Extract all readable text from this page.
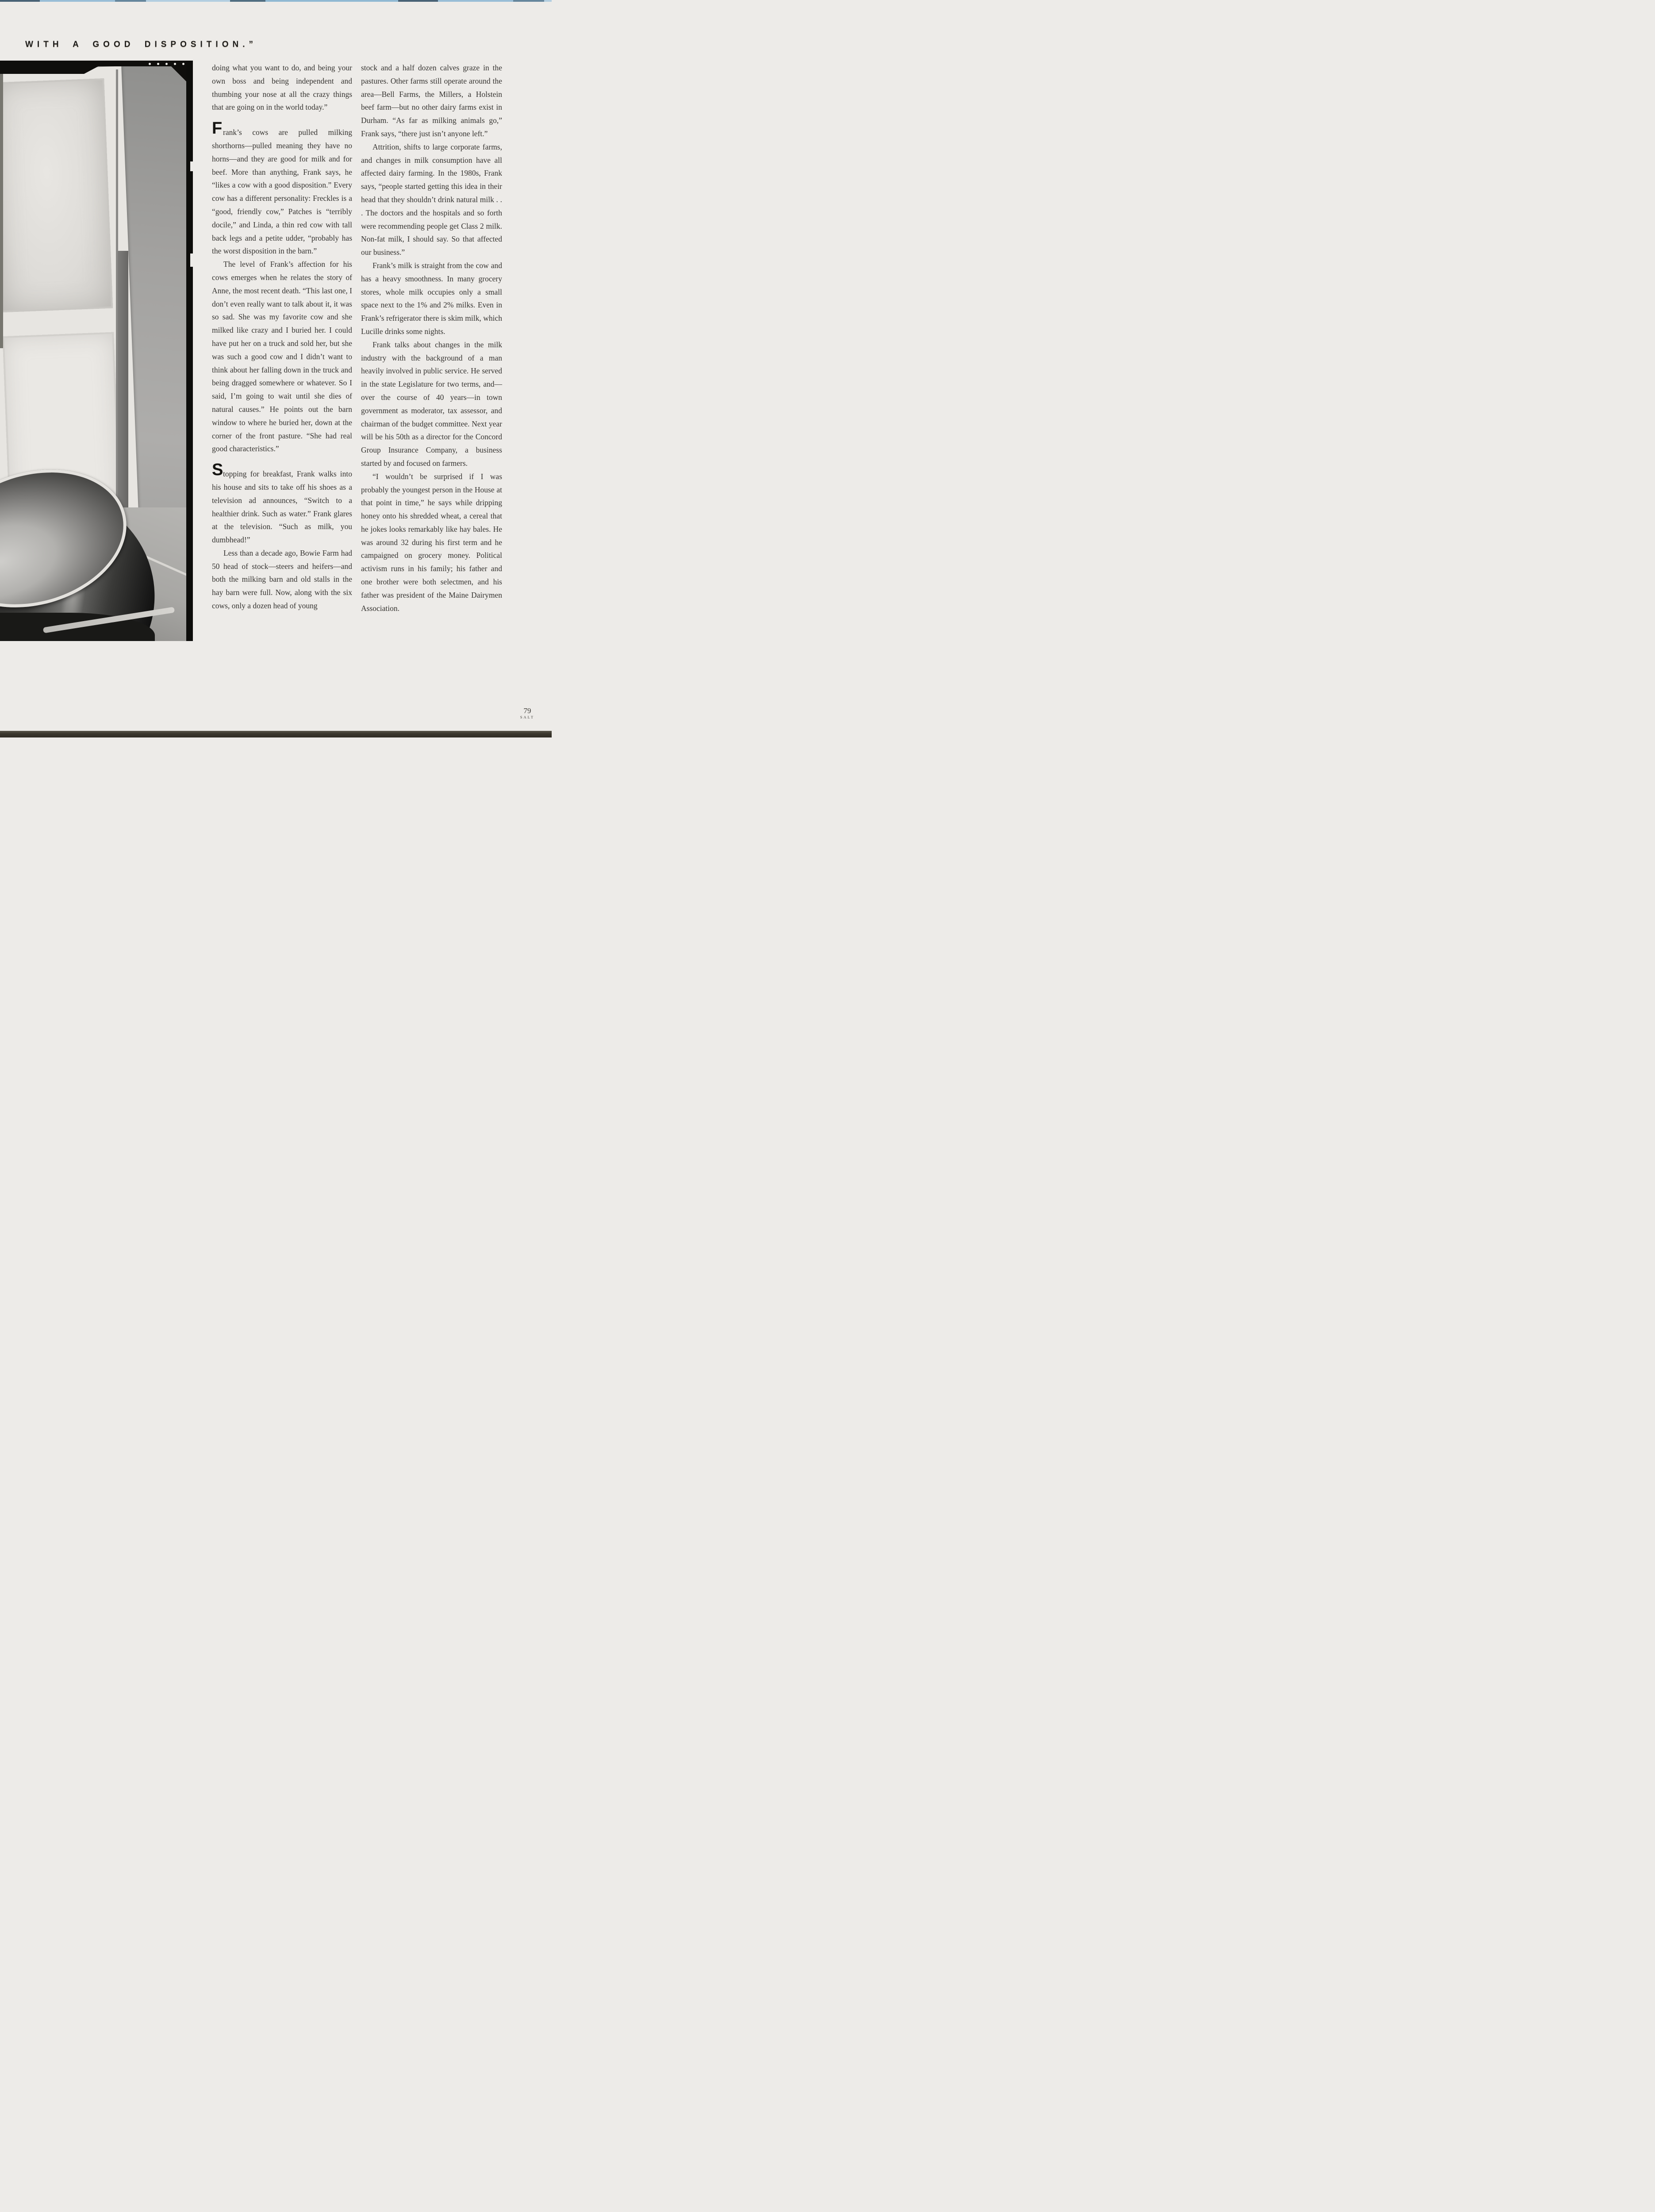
WITH A GOOD DISPOSITION.”

doing what you want to do, and being your own boss and being independent and thumbing your nose at all the crazy things that are going on in the world today.”

F rank’s cows are pulled milking shorthorns—pulled meaning they have no horns—and they are good for milk and for beef. More than anything, Frank says, he “likes a cow with a good disposition.” Every cow has a different personality: Freckles is a “good, friendly cow,” Patches is “terribly docile,” and Linda, a thin red cow with tall back legs and a petite udder, “probably has the worst disposition in the barn.”

The level of Frank’s affection for his cows emerges when he relates the story of Anne, the most recent death. “This last one, I don’t even really want to talk about it, it was so sad. She was my favorite cow and she milked like crazy and I buried her. I could have put her on a truck and sold her, but she was such a good cow and I didn’t want to think about her falling down in the truck and being dragged somewhere or whatever. So I said, I’m going to wait until she dies of natural causes.” He points out the barn window to where he buried her, down at the corner of the front pasture. “She had real good characteristics.”

S topping for breakfast, Frank walks into his house and sits to take off his shoes as a television ad announces, “Switch to a healthier drink. Such as water.” Frank glares at the television. “Such as milk, you dumbhead!”

Less than a decade ago, Bowie Farm had 50 head of stock—steers and heifers—and both the milking barn and old stalls in the hay barn were full. Now, along with the six cows, only a dozen head of young

stock and a half dozen calves graze in the pastures. Other farms still operate around the area—Bell Farms, the Millers, a Holstein beef farm—but no other dairy farms exist in Durham. “As far as milking animals go,” Frank says, “there just isn’t anyone left.”

Attrition, shifts to large corporate farms, and changes in milk consumption have all affected dairy farming. In the 1980s, Frank says, “people started getting this idea in their head that they shouldn’t drink natural milk . . . The doctors and the hospitals and so forth were recommending people get Class 2 milk. Non-fat milk, I should say. So that affected our business.”

Frank’s milk is straight from the cow and has a heavy smoothness. In many grocery stores, whole milk occupies only a small space next to the 1% and 2% milks. Even in Frank’s refrigerator there is skim milk, which Lucille drinks some nights.

Frank talks about changes in the milk industry with the background of a man heavily involved in public service. He served in the state Legislature for two terms, and—over the course of 40 years—in town government as moderator, tax assessor, and chairman of the budget committee. Next year will be his 50th as a director for the Concord Group Insurance Company, a business started by and focused on farmers.

“I wouldn’t be surprised if I was probably the youngest person in the House at that point in time,” he says while dripping honey onto his shredded wheat, a cereal that he jokes looks remarkably like hay bales. He was around 32 during his first term and he campaigned on grocery money. Political activism runs in his family; his father and one brother were both selectmen, and his father was president of the Maine Dairymen Association.

79
SALT
